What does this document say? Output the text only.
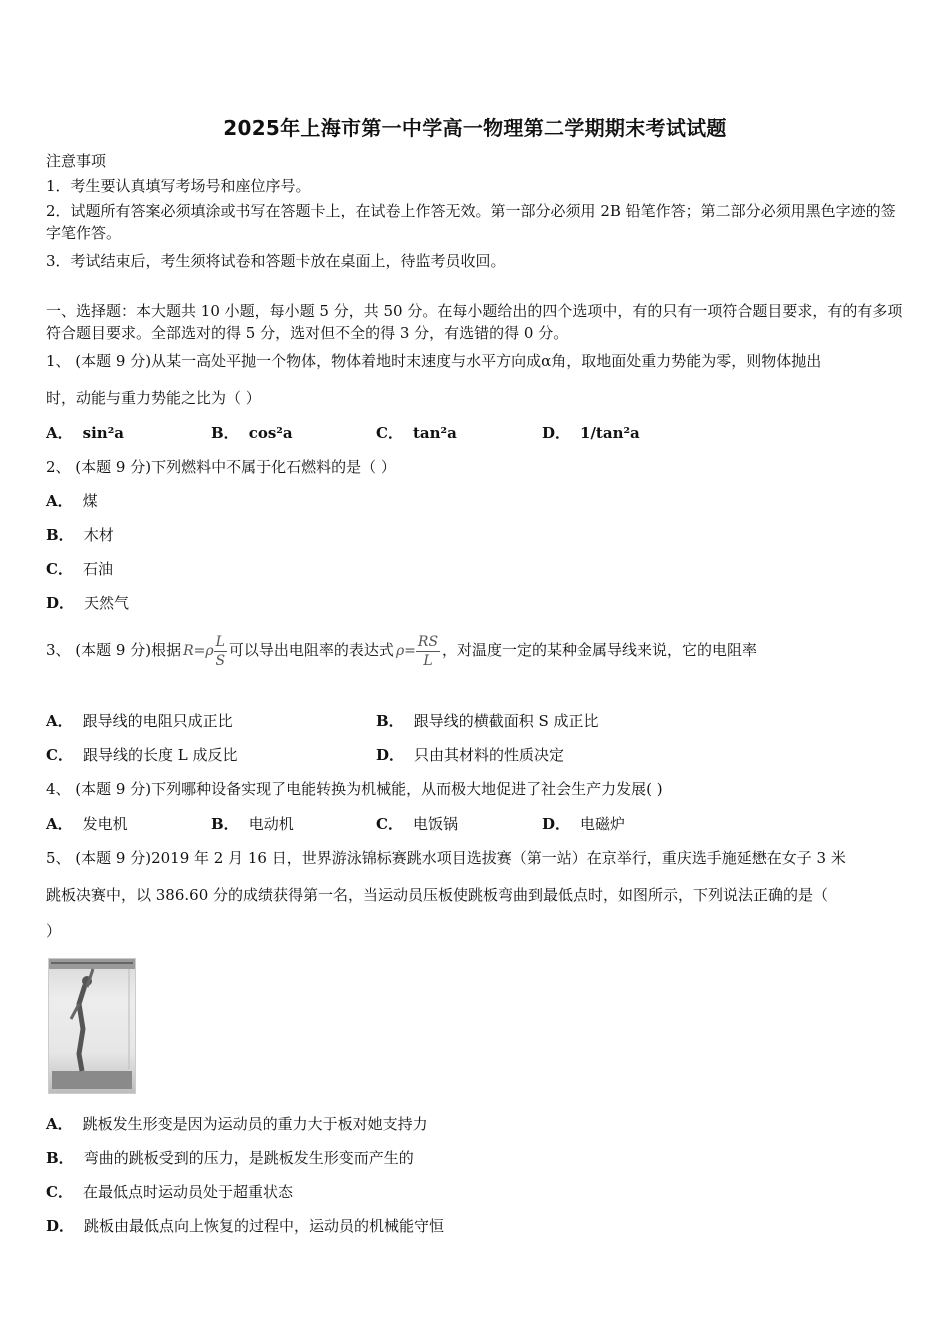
2025年上海市第一中学高一物理第二学期期末考试试题
注意事项
1．考生要认真填写考场号和座位序号。
2．试题所有答案必须填涂或书写在答题卡上，在试卷上作答无效。第一部分必须用 2B 铅笔作答；第二部分必须用黑色字迹的签字笔作答。
3．考试结束后，考生须将试卷和答题卡放在桌面上，待监考员收回。
一、选择题：本大题共 10 小题，每小题 5 分，共 50 分。在每小题给出的四个选项中，有的只有一项符合题目要求，有的有多项符合题目要求。全部选对的得 5 分，选对但不全的得 3 分，有选错的得 0 分。
1、 (本题 9 分)从某一高处平抛一个物体，物体着地时末速度与水平方向成α角，取地面处重力势能为零，则物体抛出
时，动能与重力势能之比为（ ）
A． sin²a	B． cos²a	C． tan²a	D． 1/tan²a
2、 (本题 9 分)下列燃料中不属于化石燃料的是（ ）
A． 煤
B． 木材
C． 石油
D． 天然气
3、 (本题 9 分)根据 $R=\rho \frac{L}{S}$ 可以导出电阻率的表达式 $\rho= \frac{RS}{L}$ ，对温度一定的某种金属导线来说，它的电阻率
A． 跟导线的电阻只成正比	B． 跟导线的横截面积 S 成正比
C． 跟导线的长度 L 成反比	D． 只由其材料的性质决定
4、 (本题 9 分)下列哪种设备实现了电能转换为机械能，从而极大地促进了社会生产力发展( )
A． 发电机	B． 电动机	C． 电饭锅	D． 电磁炉
5、 (本题 9 分)2019 年 2 月 16 日，世界游泳锦标赛跳水项目选拔赛（第一站）在京举行，重庆选手施延懋在女子 3 米
跳板决赛中，以 386.60 分的成绩获得第一名，当运动员压板使跳板弯曲到最低点时，如图所示，下列说法正确的是（
）
A． 跳板发生形变是因为运动员的重力大于板对她支持力
B． 弯曲的跳板受到的压力，是跳板发生形变而产生的
C． 在最低点时运动员处于超重状态
D． 跳板由最低点向上恢复的过程中，运动员的机械能守恒
